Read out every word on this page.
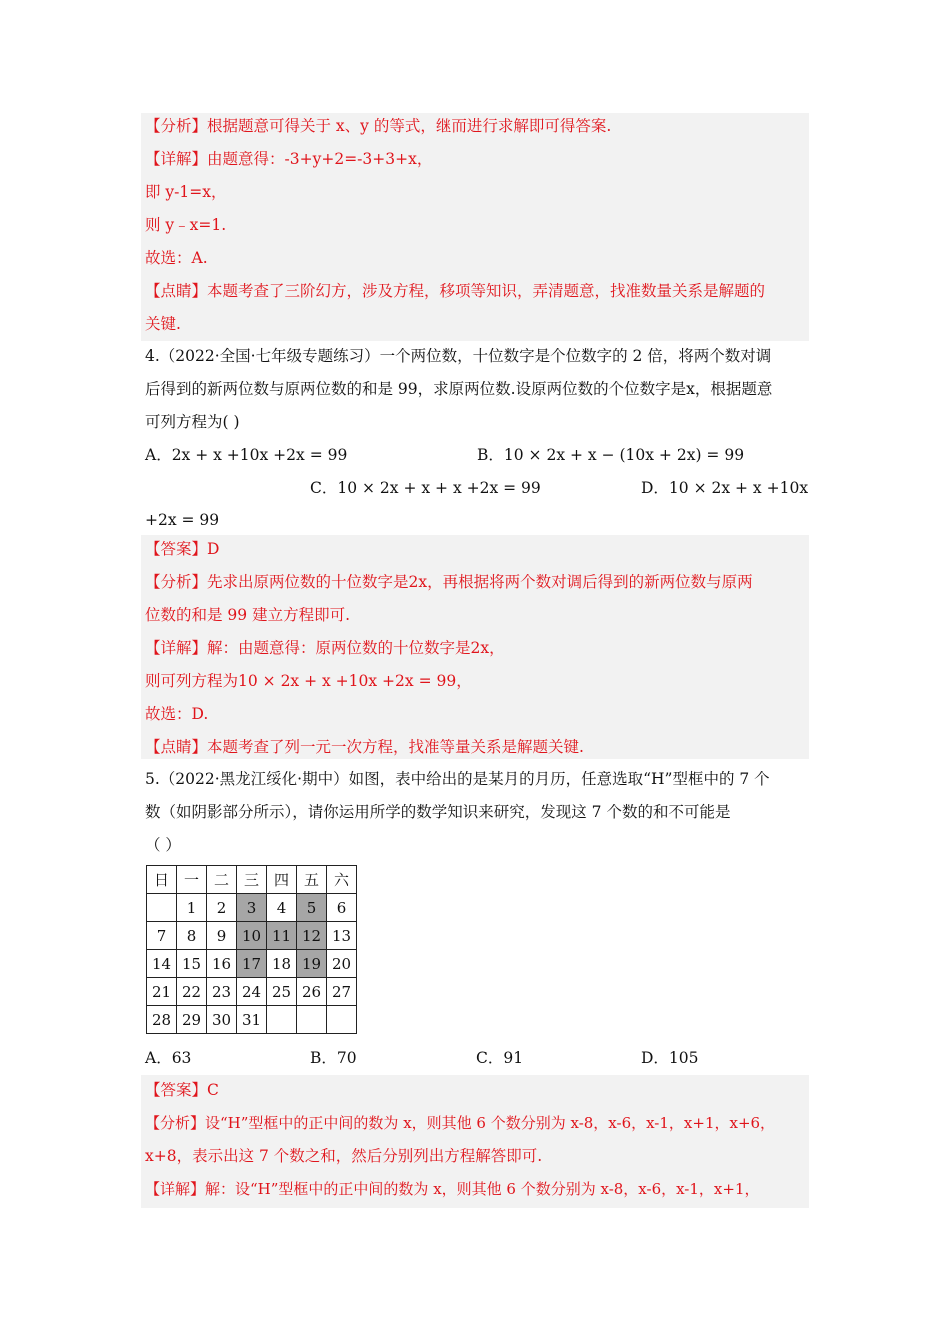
【分析】根据题意可得关于 x、y 的等式，继而进行求解即可得答案.
【详解】由题意得：-3+y+2=-3+3+x，
即 y-1=x，
则 y﹣x=1.
故选：A.
【点睛】本题考查了三阶幻方，涉及方程，移项等知识，弄清题意，找准数量关系是解题的
关键.
4.（2022·全国·七年级专题练习）一个两位数，十位数字是个位数字的 2 倍，将两个数对调
后得到的新两位数与原两位数的和是 99，求原两位数.设原两位数的个位数字是x，根据题意
可列方程为( )
A．2x + x +10x +2x = 99	B．10 × 2x + x − (10x + 2x) = 99
C．10 × 2x + x + x +2x = 99	D．10 × 2x + x +10x
+2x = 99
【答案】D
【分析】先求出原两位数的十位数字是2x，再根据将两个数对调后得到的新两位数与原两
位数的和是 99 建立方程即可.
【详解】解：由题意得：原两位数的十位数字是2x，
则可列方程为10 × 2x + x +10x +2x = 99，
故选：D.
【点睛】本题考查了列一元一次方程，找准等量关系是解题关键.
5.（2022·黑龙江绥化·期中）如图，表中给出的是某月的月历，任意选取“H”型框中的 7 个
数（如阴影部分所示），请你运用所学的数学知识来研究，发现这 7 个数的和不可能是
（ ）
日	一	二	三	四	五	六
	1	2	3	4	5	6
7	8	9	10	11	12	13
14	15	16	17	18	19	20
21	22	23	24	25	26	27
28	29	30	31			
A．63	B．70	C．91	D．105
【答案】C
【分析】设“H”型框中的正中间的数为 x，则其他 6 个数分别为 x-8，x-6，x-1，x+1，x+6，
x+8，表示出这 7 个数之和，然后分别列出方程解答即可.
【详解】解：设“H”型框中的正中间的数为 x，则其他 6 个数分别为 x-8，x-6，x-1，x+1，
